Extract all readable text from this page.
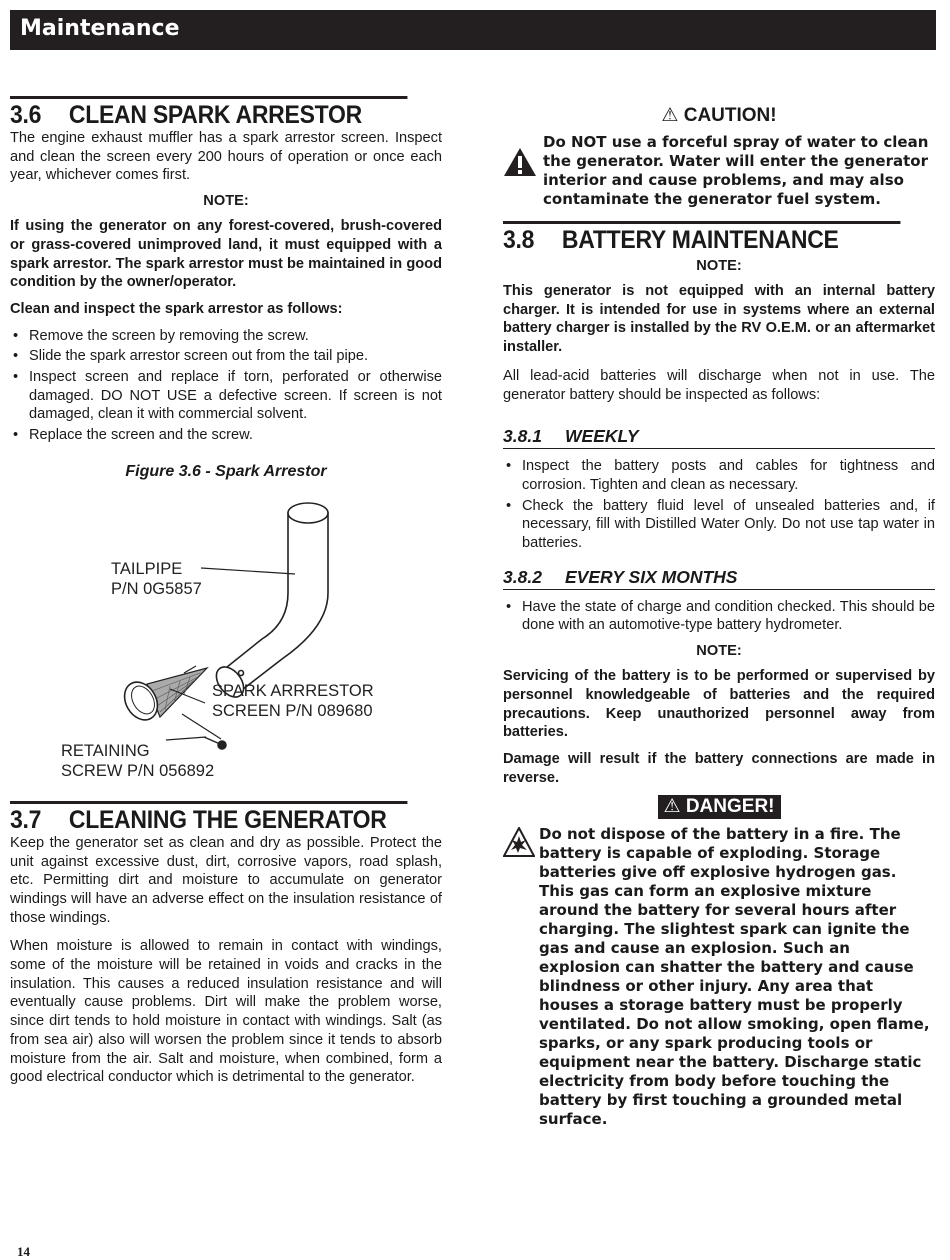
Maintenance
3.6 CLEAN SPARK ARRESTOR

The engine exhaust muffler has a spark arrestor screen. Inspect and clean the screen every 200 hours of operation or once each year, whichever comes first.

NOTE:

If using the generator on any forest-covered, brush-covered or grass-covered unimproved land, it must equipped with a spark arrestor. The spark arrestor must be maintained in good condition by the owner/operator.

Clean and inspect the spark arrestor as follows:

• Remove the screen by removing the screw.
• Slide the spark arrestor screen out from the tail pipe.
• Inspect screen and replace if torn, perforated or otherwise damaged. DO NOT USE a defective screen. If screen is not damaged, clean it with commercial solvent.
• Replace the screen and the screw.
Figure 3.6 - Spark Arrestor
TAILPIPE
P/N 0G5857
SPARK ARRRESTOR
SCREEN P/N 089680
RETAINING
SCREW P/N 056892
3.7 CLEANING THE GENERATOR

Keep the generator set as clean and dry as possible. Protect the unit against excessive dust, dirt, corrosive vapors, road splash, etc. Permitting dirt and moisture to accumulate on generator windings will have an adverse effect on the insulation resistance of those windings.

When moisture is allowed to remain in contact with windings, some of the moisture will be retained in voids and cracks in the insulation. This causes a reduced insulation resistance and will eventually cause problems. Dirt will make the problem worse, since dirt tends to hold moisture in contact with windings. Salt (as from sea air) also will worsen the problem since it tends to absorb moisture from the air. Salt and moisture, when combined, form a good electrical conductor which is detrimental to the generator.

⚠ CAUTION!
Do NOT use a forceful spray of water to clean the generator. Water will enter the generator interior and cause problems, and may also contaminate the generator fuel system.
3.8 BATTERY MAINTENANCE
NOTE:

This generator is not equipped with an internal battery charger. It is intended for use in systems where an external battery charger is installed by the RV O.E.M. or an aftermarket installer.

All lead-acid batteries will discharge when not in use. The generator battery should be inspected as follows:

3.8.1 WEEKLY
• Inspect the battery posts and cables for tightness and corrosion. Tighten and clean as necessary.
• Check the battery fluid level of unsealed batteries and, if necessary, fill with Distilled Water Only. Do not use tap water in batteries.
3.8.2 EVERY SIX MONTHS
• Have the state of charge and condition checked. This should be done with an automotive-type battery hydrometer.
NOTE:

Servicing of the battery is to be performed or supervised by personnel knowledgeable of batteries and the required precautions. Keep unauthorized personnel away from batteries.

Damage will result if the battery connections are made in reverse.

⚠ DANGER!
Do not dispose of the battery in a fire. The battery is capable of exploding. Storage batteries give off explosive hydrogen gas. This gas can form an explosive mixture around the battery for several hours after charging. The slightest spark can ignite the gas and cause an explosion. Such an explosion can shatter the battery and cause blindness or other injury. Any area that houses a storage battery must be properly ventilated. Do not allow smoking, open flame, sparks, or any spark producing tools or equipment near the battery. Discharge static electricity from body before touching the battery by first touching a grounded metal surface.
14
